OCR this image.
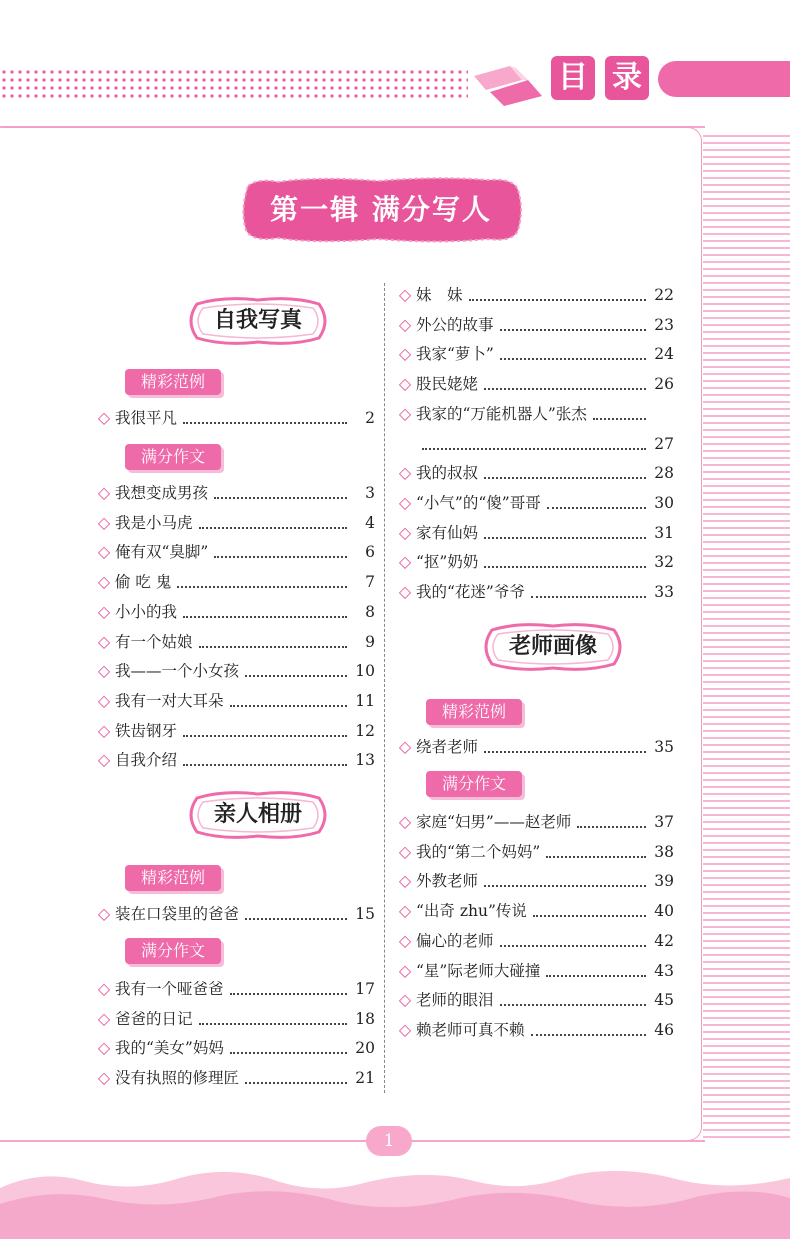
目 录
第一辑 满分写人
自我写真
精彩范例
◇ 我很平凡	2
满分作文
◇ 我想变成男孩	3
◇ 我是小马虎	4
◇ 俺有双“臭脚”	6
◇ 偷 吃 鬼	7
◇ 小小的我	8
◇ 有一个姑娘	9
◇ 我——一个小女孩	10
◇ 我有一对大耳朵	11
◇ 铁齿钢牙	12
◇ 自我介绍	13
亲人相册
精彩范例
◇ 装在口袋里的爸爸	15
满分作文
◇ 我有一个哑爸爸	17
◇ 爸爸的日记	18
◇ 我的“美女”妈妈	20
◇ 没有执照的修理匠	21
◇ 妹　妹	22
◇ 外公的故事	23
◇ 我家“萝卜”	24
◇ 股民姥姥	26
◇ 我家的“万能机器人”张杰
27
◇ 我的叔叔	28
◇ “小气”的“傻”哥哥	30
◇ 家有仙妈	31
◇ “抠”奶奶	32
◇ 我的“花迷”爷爷	33
老师画像
精彩范例
◇ 绕者老师	35
满分作文
◇ 家庭“妇男”——赵老师	37
◇ 我的“第二个妈妈”	38
◇ 外教老师	39
◇ “出奇 zhu”传说	40
◇ 偏心的老师	42
◇ “星”际老师大碰撞	43
◇ 老师的眼泪	45
◇ 赖老师可真不赖	46
1
